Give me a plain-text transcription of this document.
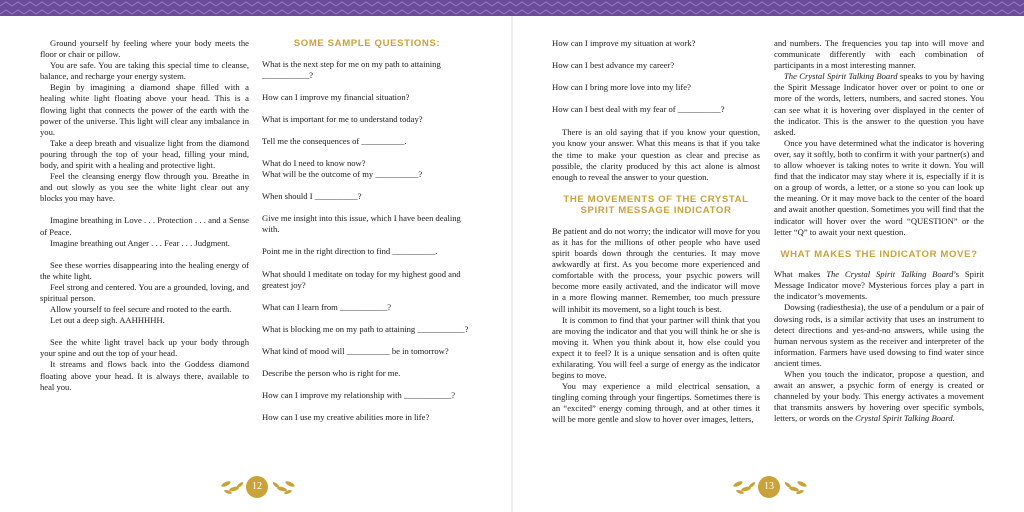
Ground yourself by feeling where your body meets the floor or chair or pillow.

You are safe. You are taking this special time to cleanse, balance, and recharge your energy system.

Begin by imagining a diamond shape filled with a healing white light floating above your head. This is a flowing light that connects the power of the earth with the power of the universe. This light will clear any imbalance in you.

Take a deep breath and visualize light from the diamond pouring through the top of your head, filling your mind, body, and spirit with a healing and protective light.

Feel the cleansing energy flow through you. Breathe in and out slowly as you see the white light clear out any blocks you may have.

Imagine breathing in Love . . . Protection . . . and a Sense of Peace.

Imagine breathing out Anger . . . Fear . . . Judgment.

See these worries disappearing into the healing energy of the white light.

Feel strong and centered. You are a grounded, loving, and spiritual person.

Allow yourself to feel secure and rooted to the earth.

Let out a deep sigh. AAHHHHH.

See the white light travel back up your body through your spine and out the top of your head.

It streams and flows back into the Goddess diamond floating above your head. It is always there, available to heal you.

SOME SAMPLE QUESTIONS:

What is the next step for me on my path to attaining ___________?

How can I improve my financial situation?

What is important for me to understand today?

Tell me the consequences of __________.

What do I need to know now?

What will be the outcome of my __________?

When should I __________?

Give me insight into this issue, which I have been dealing with.

Point me in the right direction to find __________.

What should I meditate on today for my highest good and greatest joy?

What can I learn from ___________?

What is blocking me on my path to attaining ___________?

What kind of mood will __________ be in tomorrow?

Describe the person who is right for me.

How can I improve my relationship with ___________?

How can I use my creative abilities more in life?

12

How can I improve my situation at work?

How can I best advance my career?

How can I bring more love into my life?

How can I best deal with my fear of __________?

There is an old saying that if you know your question, you know your answer. What this means is that if you take the time to make your question as clear and precise as possible, the clarity produced by this act alone is almost enough to reveal the answer to your question.

THE MOVEMENTS OF THE CRYSTAL SPIRIT MESSAGE INDICATOR

Be patient and do not worry; the indicator will move for you as it has for the millions of other people who have used spirit boards down through the centuries. It may move awkwardly at first. As you become more experienced and comfortable with the process, your psychic powers will become more easily activated, and the indicator will move in a more flowing manner. Remember, too much pressure will inhibit its movement, so a light touch is best.

It is common to find that your partner will think that you are moving the indicator and that you will think he or she is moving it. When you think about it, how else could you expect it to feel? It is a unique sensation and is often quite exhilarating. You will feel a surge of energy as the indicator begins to move.

You may experience a mild electrical sensation, a tingling coming through your fingertips. Sometimes there is an “excited” energy coming through, and at other times it will be more gentle and slow to hover over images, letters,

and numbers. The frequencies you tap into will move and communicate differently with each combination of participants in a most interesting manner.

The Crystal Spirit Talking Board speaks to you by having the Spirit Message Indicator hover over or point to one or more of the words, letters, numbers, and sacred stones. You can see what it is hovering over displayed in the center of the indicator. This is the answer to the question you have asked.

Once you have determined what the indicator is hovering over, say it softly, both to confirm it with your partner(s) and to allow whoever is taking notes to write it down. You will find that the indicator may stay where it is, especially if it is on a group of words, a letter, or a stone so you can look up the meaning. Or it may move back to the center of the board and await another question. Sometimes you will find that the indicator will hover over the word “QUESTION” or the letter “Q” to await your next question.

WHAT MAKES THE INDICATOR MOVE?

What makes The Crystal Spirit Talking Board’s Spirit Message Indicator move? Mysterious forces play a part in the indicator’s movements.

Dowsing (radiesthesia), the use of a pendulum or a pair of dowsing rods, is a similar activity that uses an instrument to detect directions and yes-and-no answers, while using the human nervous system as the receiver and interpreter of the information. Farmers have used dowsing to find water since ancient times.

When you touch the indicator, propose a question, and await an answer, a psychic form of energy is created or channeled by your body. This energy activates a movement that transmits answers by hovering over specific symbols, letters, or words on the Crystal Spirit Talking Board.

13
